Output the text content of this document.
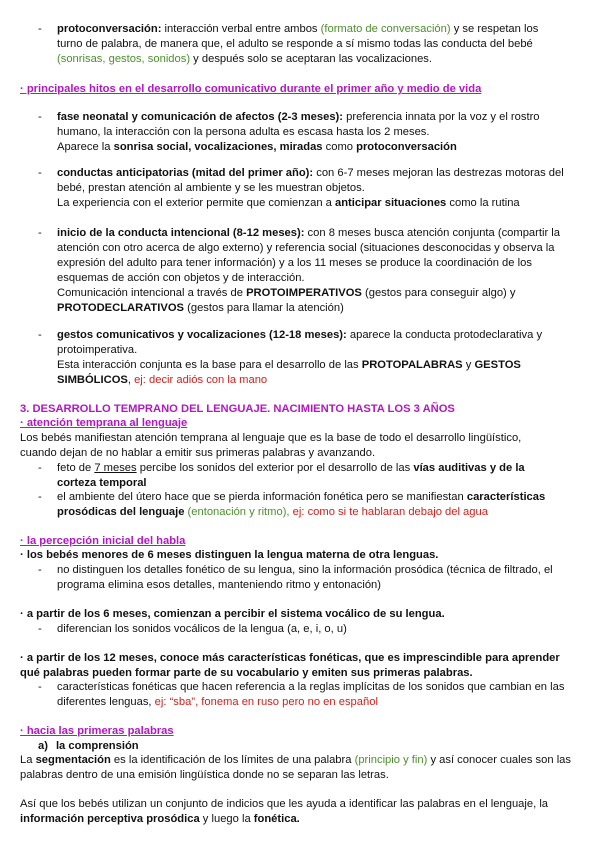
- protoconversación: interacción verbal entre ambos (formato de conversación) y se respetan los turno de palabra, de manera que, el adulto se responde a sí mismo todas las conducta del bebé (sonrisas, gestos, sonidos) y después solo se aceptaran las vocalizaciones.
· principales hitos en el desarrollo comunicativo durante el primer año y medio de vida
- fase neonatal y comunicación de afectos (2-3 meses): preferencia innata por la voz y el rostro humano, la interacción con la persona adulta es escasa hasta los 2 meses.
Aparece la sonrisa social, vocalizaciones, miradas como protoconversación
- conductas anticipatorias (mitad del primer año): con 6-7 meses mejoran las destrezas motoras del bebé, prestan atención al ambiente y se les muestran objetos.
La experiencia con el exterior permite que comienzan a anticipar situaciones como la rutina
- inicio de la conducta intencional (8-12 meses): con 8 meses busca atención conjunta (compartir la atención con otro acerca de algo externo) y referencia social (situaciones desconocidas y observa la expresión del adulto para tener información) y a los 11 meses se produce la coordinación de los esquemas de acción con objetos y de interacción.
Comunicación intencional a través de PROTOIMPERATIVOS (gestos para conseguir algo) y PROTODECLARATIVOS (gestos para llamar la atención)
- gestos comunicativos y vocalizaciones (12-18 meses): aparece la conducta protodeclarativa y protoimperativa.
Esta interacción conjunta es la base para el desarrollo de las PROTOPALABRAS y GESTOS SIMBÓLICOS, ej: decir adiós con la mano
3. DESARROLLO TEMPRANO DEL LENGUAJE. NACIMIENTO HASTA LOS 3 AÑOS
· atención temprana al lenguaje
Los bebés manifiestan atención temprana al lenguaje que es la base de todo el desarrollo lingüístico, cuando dejan de no hablar a emitir sus primeras palabras y avanzando.
- feto de 7 meses percibe los sonidos del exterior por el desarrollo de las vías auditivas y de la corteza temporal
- el ambiente del útero hace que se pierda información fonética pero se manifiestan características prosódicas del lenguaje (entonación y ritmo), ej: como si te hablaran debajo del agua
· la percepción inicial del habla
· los bebés menores de 6 meses distinguen la lengua materna de otra lenguas.
- no distinguen los detalles fonético de su lengua, sino la información prosódica (técnica de filtrado, el programa elimina esos detalles, manteniendo ritmo y entonación)
· a partir de los 6 meses, comienzan a percibir el sistema vocálico de su lengua.
- diferencian los sonidos vocálicos de la lengua (a, e, i, o, u)
· a partir de los 12 meses, conoce más características fonéticas, que es imprescindible para aprender qué palabras pueden formar parte de su vocabulario y emiten sus primeras palabras.
- características fonéticas que hacen referencia a la reglas implícitas de los sonidos que cambian en las diferentes lenguas, ej: “sba”, fonema en ruso pero no en español
· hacia las primeras palabras
a) la comprensión
La segmentación es la identificación de los límites de una palabra (principio y fin) y así conocer cuales son las palabras dentro de una emisión lingüística donde no se separan las letras.
Así que los bebés utilizan un conjunto de indicios que les ayuda a identificar las palabras en el lenguaje, la información perceptiva prosódica y luego la fonética.
